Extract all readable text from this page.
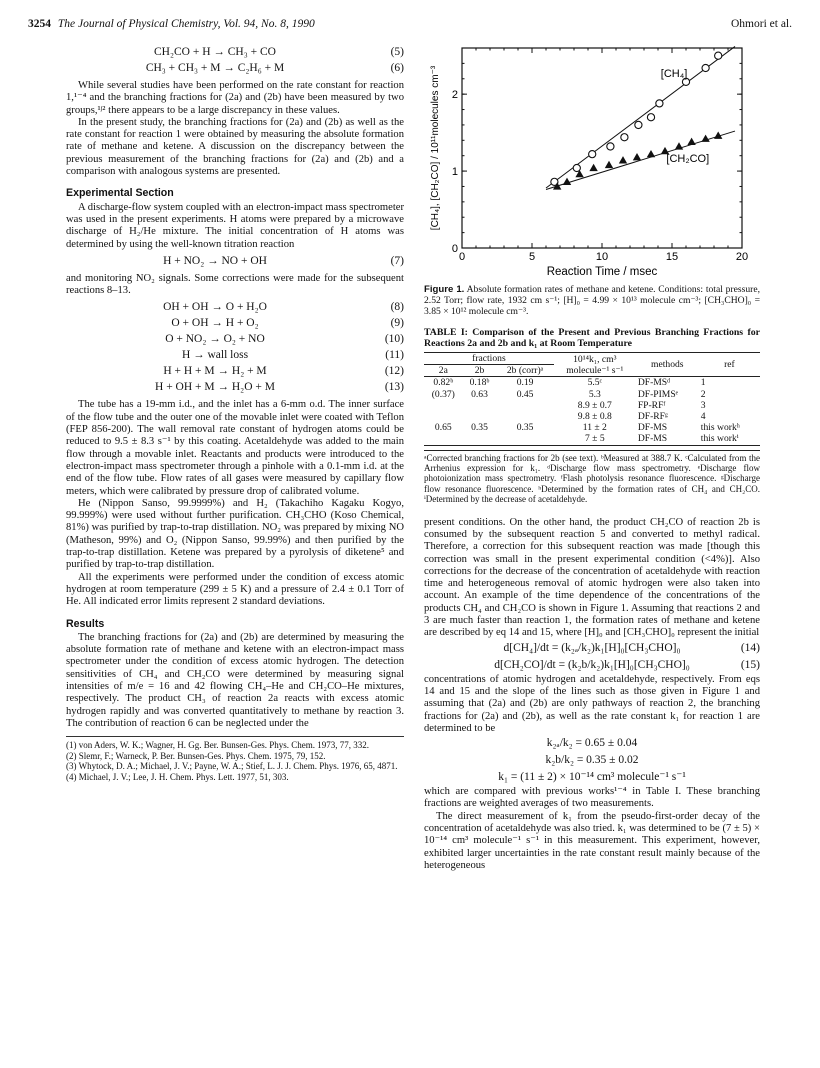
3254 The Journal of Physical Chemistry, Vol. 94, No. 8, 1990	Ohmori et al.
CH₂CO + H → CH₃ + CO	(5)
CH₃ + CH₃ + M → C₂H₆ + M	(6)

While several studies have been performed on the rate constant for reaction 1,¹⁻⁴ and the branching fractions for (2a) and (2b) have been measured by two groups,¹ʲ² there appears to be a large discrepancy in these values.

In the present study, the branching fractions for (2a) and (2b) as well as the rate constant for reaction 1 were obtained by measuring the absolute formation rate of methane and ketene. A discussion on the discrepancy between the previous measurement of the branching fractions for (2a) and (2b) and a comparison with analogous systems are presented.

Experimental Section

A discharge-flow system coupled with an electron-impact mass spectrometer was used in the present experiments. H atoms were prepared by a microwave discharge of H₂/He mixture. The initial concentration of H atoms was determined by using the well-known titration reaction

H + NO₂ → NO + OH	(7)

and monitoring NO₂ signals. Some corrections were made for the subsequent reactions 8–13.

OH + OH → O + H₂O	(8)
O + OH → H + O₂	(9)
O + NO₂ → O₂ + NO	(10)
H → wall loss	(11)
H + H + M → H₂ + M	(12)
H + OH + M → H₂O + M	(13)

The tube has a 19-mm i.d., and the inlet has a 6-mm o.d. The inner surface of the flow tube and the outer one of the movable inlet were coated with Teflon (FEP 856-200). The wall removal rate constant of hydrogen atoms could be reduced to 9.5 ± 8.3 s⁻¹ by this coating. Acetaldehyde was added to the main flow through a movable inlet. Reactants and products were introduced to the electron-impact mass spectrometer through a pinhole with a 0.1-mm i.d. at the end of the flow tube. Flow rates of all gases were measured by capillary flow meters, which were calibrated by pressure drop of calibrated volume.

He (Nippon Sanso, 99.9999%) and H₂ (Takachiho Kagaku Kogyo, 99.999%) were used without further purification. CH₃CHO (Koso Chemical, 81%) was purified by trap-to-trap distillation. NO₂ was prepared by mixing NO (Matheson, 99%) and O₂ (Nippon Sanso, 99.99%) and then purified by the trap-to-trap distillation. Ketene was prepared by a pyrolysis of diketene⁵ and purified by trap-to-trap distillation.

All the experiments were performed under the condition of excess atomic hydrogen at room temperature (299 ± 5 K) and a pressure of 2.4 ± 0.1 Torr of He. All indicated error limits represent 2 standard deviations.

Results

The branching fractions for (2a) and (2b) are determined by measuring the absolute formation rate of methane and ketene with an electron-impact mass spectrometer under the condition of excess atomic hydrogen. The detection sensitivities of CH₄ and CH₂CO were determined by measuring signal intensities of m/e = 16 and 42 flowing CH₄–He and CH₂CO–He mixtures, respectively. The product CH₃ of reaction 2a reacts with excess atomic hydrogen rapidly and was converted quantitatively to methane by reaction 3. The contribution of reaction 6 can be neglected under the

(1) von Aders, W. K.; Wagner, H. Gg. Ber. Bunsen-Ges. Phys. Chem. 1973, 77, 332.
(2) Slemr, F.; Warneck, P. Ber. Bunsen-Ges. Phys. Chem. 1975, 79, 152.
(3) Whytock, D. A.; Michael, J. V.; Payne, W. A.; Stief, L. J. J. Chem. Phys. 1976, 65, 4871.
(4) Michael, J. V.; Lee, J. H. Chem. Phys. Lett. 1977, 51, 303.
0	5	10	15	20
0
1
2
Reaction Time / msec
[CH₄], [CH₂CO] / 10¹¹molecules cm⁻³	[CH₄]
[CH₂CO]
Figure 1. Absolute formation rates of methane and ketene. Conditions: total pressure, 2.52 Torr; flow rate, 1932 cm s⁻¹; [H]₀ = 4.99 × 10¹³ molecule cm⁻³; [CH₃CHO]₀ = 3.85 × 10¹² molecule cm⁻³.
TABLE I: Comparison of the Present and Previous Branching Fractions for Reactions 2a and 2b and k₁ at Room Temperature
fractions			10¹⁴k₁, cm³ molecule⁻¹ s⁻¹	methods	ref
2a	2b	2b (corr)ᵃ			
0.82ᵇ	0.18ᵇ	0.19	5.5ᶜ	DF-MSᵈ	1
(0.37)	0.63	0.45	5.3	DF-PIMSᵉ	2
			8.9 ± 0.7	FP-RFᶠ	3
			9.8 ± 0.8	DF-RFᵍ	4
0.65	0.35	0.35	11 ± 2	DF-MS	this workʰ
			7 ± 5	DF-MS	this workⁱ
ᵃCorrected branching fractions for 2b (see text). ᵇMeasured at 388.7 K. ᶜCalculated from the Arrhenius expression for k₁. ᵈDischarge flow mass spectrometry. ᵉDischarge flow photoionization mass spectrometry. ᶠFlash photolysis resonance fluorescence. ᵍDischarge flow resonance fluorescence. ʰDetermined by the formation rates of CH₄ and CH₂CO. ⁱDetermined by the decrease of acetaldehyde.

present conditions. On the other hand, the product CH₂CO of reaction 2b is consumed by the subsequent reaction 5 and converted to methyl radical. Therefore, a correction for this subsequent reaction was made [though this correction was small in the present experimental condition (<4%)]. Also corrections for the decrease of the concentration of acetaldehyde with reaction time and heterogeneous removal of atomic hydrogen were also taken into account. An example of the time dependence of the concentrations of the products CH₄ and CH₂CO is shown in Figure 1. Assuming that reactions 2 and 3 are much faster than reaction 1, the formation rates of methane and ketene are described by eq 14 and 15, where [H]₀ and [CH₃CHO]₀ represent the initial

d[CH₄]/dt = (k₂ₐ/k₂)k₁[H]₀[CH₃CHO]₀	(14)
d[CH₂CO]/dt = (k₂b/k₂)k₁[H]₀[CH₃CHO]₀	(15)

concentrations of atomic hydrogen and acetaldehyde, respectively. From eqs 14 and 15 and the slope of the lines such as those given in Figure 1 and assuming that (2a) and (2b) are only pathways of reaction 2, the branching fractions for (2a) and (2b), as well as the rate constant k₁ for reaction 1 are determined to be

k₂ₐ/k₂ = 0.65 ± 0.04
k₂b/k₂ = 0.35 ± 0.02
k₁ = (11 ± 2) × 10⁻¹⁴ cm³ molecule⁻¹ s⁻¹

which are compared with previous works¹⁻⁴ in Table I. These branching fractions are weighted averages of two measurements.

The direct measurement of k₁ from the pseudo-first-order decay of the concentration of acetaldehyde was also tried. k₁ was determined to be (7 ± 5) × 10⁻¹⁴ cm³ molecule⁻¹ s⁻¹ in this measurement. This experiment, however, exhibited larger uncertainties in the rate constant result mainly because of the heterogeneous
